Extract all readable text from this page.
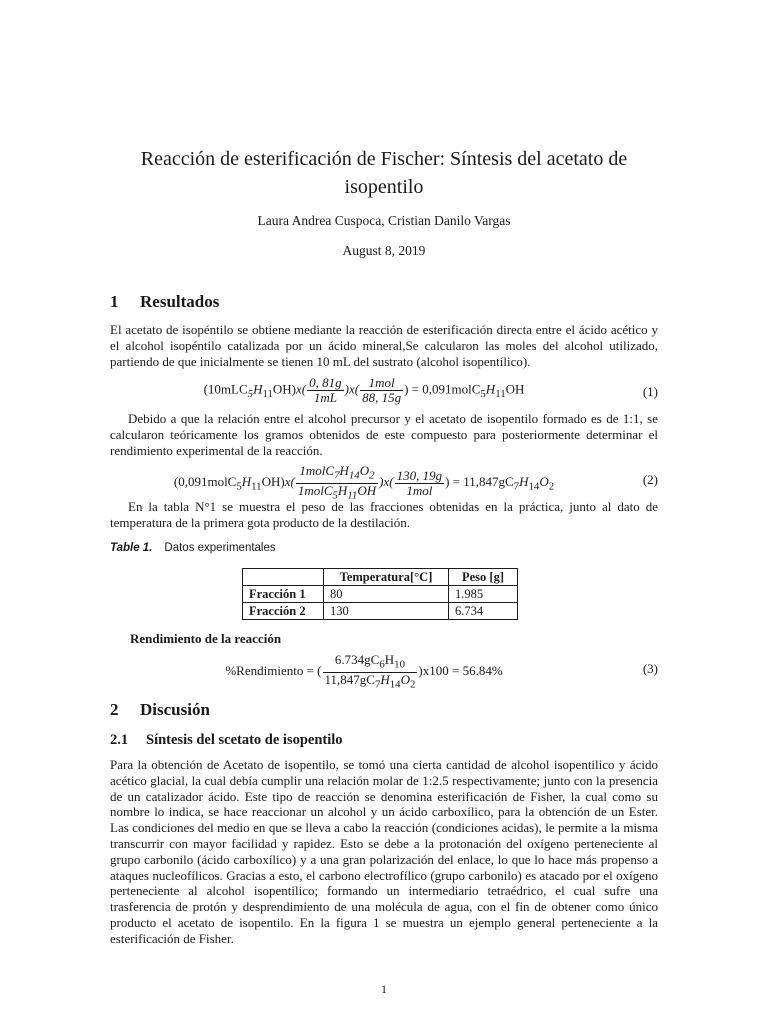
Reacción de esterificación de Fischer: Síntesis del acetato de isopentilo
Laura Andrea Cuspoca, Cristian Danilo Vargas
August 8, 2019
1 Resultados
El acetato de isopéntilo se obtiene mediante la reacción de esterificación directa entre el ácido acético y el alcohol isopéntilo catalizada por un ácido mineral,Se calcularon las moles del alcohol utilizado, partiendo de que inicialmente se tienen 10 mL del sustrato (alcohol isopentílico).
$(10mLC_5H_{11}OH)x( \frac{0, 81g}{1mL} )x( \frac{\text{1mol}}{88, 15g}$ ) = $0,091molC_5H_{11}OH$	(1)
Debido a que la relación entre el alcohol precursor y el acetato de isopentilo formado es de 1:1, se calcularon teóricamente los gramos obtenidos de este compuesto para posteriormente determinar el rendimiento experimental de la reacción.
$(0,091molC_5H_{11}OH)x( \frac{1molC_7H_{14}O_2}{1molC_5H_{11}OH} )x( \frac{130, 19g}{\text{1mol}}$ ) = $11,847gC_7H_{14}O_2$	(2)
En la tabla N°1 se muestra el peso de las fracciones obtenidas en la práctica, junto al dato de temperatura de la primera gota producto de la destilación.
Table 1. Datos experimentales
	Temperatura[°C]	Peso [g]
Fracción 1	80	1.985
Fracción 2	130	6.734
Rendimiento de la reacción
%Rendimiento = ( $\frac{6.734gC_6H_{10}}{11,847gC_7H_{14}O_2} )x100 = 56.84\%$	(3)
2 Discusión
2.1 Síntesis del scetato de isopentilo
Para la obtención de Acetato de isopentilo, se tomó una cierta cantidad de alcohol isopentilico y ácido acético glacial, la cual debía cumplir una relación molar de 1:2.5 respectivamente; junto con la presencia de un catalizador ácido. Este tipo de reacción se denomina esterificación de Fisher, la cual como su nombre lo indica, se hace reaccionar un alcohol y un ácido carboxílico, para la obtención de un Ester. Las condiciones del medio en que se lleva a cabo la reacción (condiciones acidas), le permite a la misma transcurrir con mayor facilidad y rapidez. Esto se debe a la protonación del oxígeno perteneciente al grupo carbonilo (ácido carboxílico) y a una gran polarización del enlace, lo que lo hace más propenso a ataques nucleofílicos. Gracias a esto, el carbono electrofílico (grupo carbonilo) es atacado por el oxígeno perteneciente al alcohol isopentílico; formando un intermediario tetraédrico, el cual sufre una trasferencia de protón y desprendimiento de una molécula de agua, con el fin de obtener como único producto el acetato de isopentilo. En la figura 1 se muestra un ejemplo general perteneciente a la esterificación de Fisher.
1
